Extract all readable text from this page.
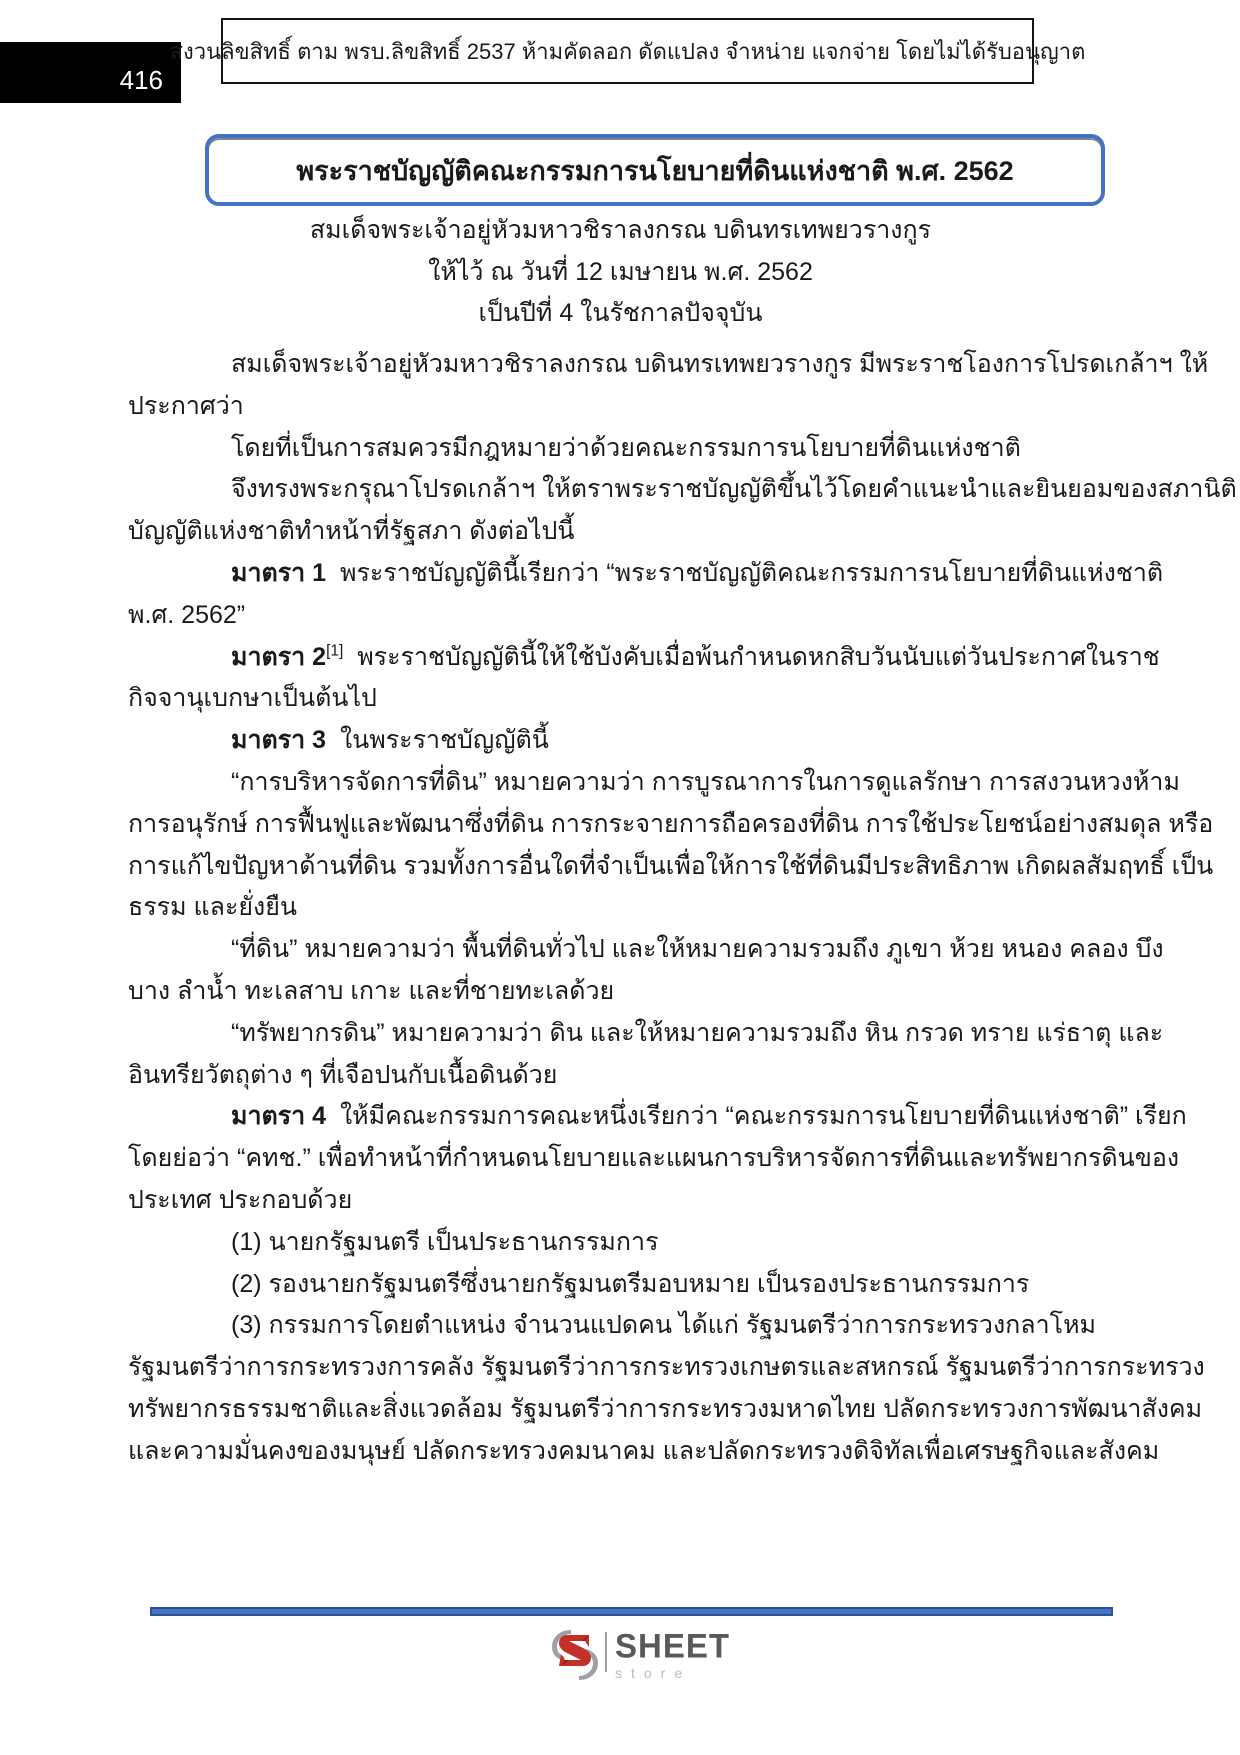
416
สงวนลิขสิทธิ์ ตาม พรบ.ลิขสิทธิ์ 2537 ห้ามคัดลอก ดัดแปลง จำหน่าย แจกจ่าย โดยไม่ได้รับอนุญาต
พระราชบัญญัติคณะกรรมการนโยบายที่ดินแห่งชาติ พ.ศ. 2562
สมเด็จพระเจ้าอยู่หัวมหาวชิราลงกรณ บดินทรเทพยวรางกูร
ให้ไว้ ณ วันที่ 12 เมษายน พ.ศ. 2562
เป็นปีที่ 4 ในรัชกาลปัจจุบัน
สมเด็จพระเจ้าอยู่หัวมหาวชิราลงกรณ บดินทรเทพยวรางกูร มีพระราชโองการโปรดเกล้าฯ ให้
ประกาศว่า
โดยที่เป็นการสมควรมีกฎหมายว่าด้วยคณะกรรมการนโยบายที่ดินแห่งชาติ
จึงทรงพระกรุณาโปรดเกล้าฯ ให้ตราพระราชบัญญัติขึ้นไว้โดยคำแนะนำและยินยอมของสภานิติ
บัญญัติแห่งชาติทำหน้าที่รัฐสภา ดังต่อไปนี้
มาตรา 1  พระราชบัญญัตินี้เรียกว่า “พระราชบัญญัติคณะกรรมการนโยบายที่ดินแห่งชาติ
พ.ศ. 2562”
มาตรา 2[1]  พระราชบัญญัตินี้ให้ใช้บังคับเมื่อพ้นกำหนดหกสิบวันนับแต่วันประกาศในราช
กิจจานุเบกษาเป็นต้นไป
มาตรา 3  ในพระราชบัญญัตินี้
“การบริหารจัดการที่ดิน” หมายความว่า การบูรณาการในการดูแลรักษา การสงวนหวงห้าม
การอนุรักษ์ การฟื้นฟูและพัฒนาซึ่งที่ดิน การกระจายการถือครองที่ดิน การใช้ประโยชน์อย่างสมดุล หรือ
การแก้ไขปัญหาด้านที่ดิน รวมทั้งการอื่นใดที่จำเป็นเพื่อให้การใช้ที่ดินมีประสิทธิภาพ เกิดผลสัมฤทธิ์ เป็น
ธรรม และยั่งยืน
“ที่ดิน” หมายความว่า พื้นที่ดินทั่วไป และให้หมายความรวมถึง ภูเขา ห้วย หนอง คลอง บึง
บาง ลำน้ำ ทะเลสาบ เกาะ และที่ชายทะเลด้วย
“ทรัพยากรดิน” หมายความว่า ดิน และให้หมายความรวมถึง หิน กรวด ทราย แร่ธาตุ และ
อินทรียวัตถุต่าง ๆ ที่เจือปนกับเนื้อดินด้วย
มาตรา 4  ให้มีคณะกรรมการคณะหนึ่งเรียกว่า “คณะกรรมการนโยบายที่ดินแห่งชาติ” เรียก
โดยย่อว่า “คทช.” เพื่อทำหน้าที่กำหนดนโยบายและแผนการบริหารจัดการที่ดินและทรัพยากรดินของ
ประเทศ ประกอบด้วย
(1) นายกรัฐมนตรี เป็นประธานกรรมการ
(2) รองนายกรัฐมนตรีซึ่งนายกรัฐมนตรีมอบหมาย เป็นรองประธานกรรมการ
(3) กรรมการโดยตำแหน่ง จำนวนแปดคน ได้แก่ รัฐมนตรีว่าการกระทรวงกลาโหม
รัฐมนตรีว่าการกระทรวงการคลัง รัฐมนตรีว่าการกระทรวงเกษตรและสหกรณ์ รัฐมนตรีว่าการกระทรวง
ทรัพยากรธรรมชาติและสิ่งแวดล้อม รัฐมนตรีว่าการกระทรวงมหาดไทย ปลัดกระทรวงการพัฒนาสังคม
และความมั่นคงของมนุษย์ ปลัดกระทรวงคมนาคม และปลัดกระทรวงดิจิทัลเพื่อเศรษฐกิจและสังคม
SHEET
store
